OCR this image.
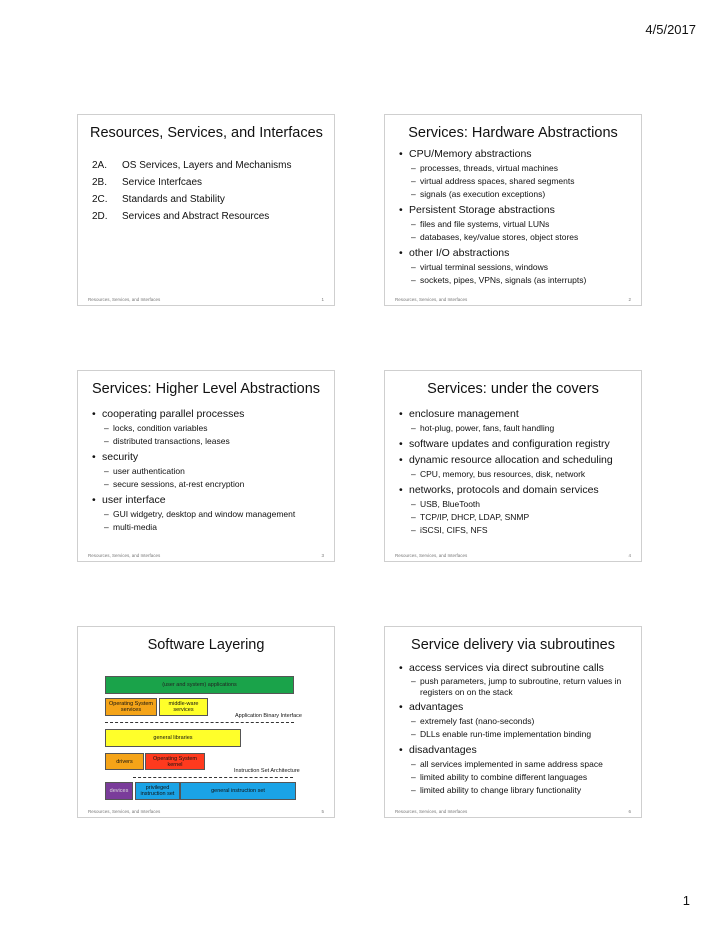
4/5/2017
Resources, Services, and Interfaces
2A.	OS Services, Layers and Mechanisms
2B.	Service Interfcaes
2C.	Standards and Stability
2D.	Services and Abstract Resources
Resources, Services, and Interfaces	1
Services: Hardware Abstractions
• CPU/Memory abstractions
– processes, threads, virtual machines
– virtual address spaces, shared segments
– signals (as execution exceptions)
• Persistent Storage abstractions
– files and file systems, virtual LUNs
– databases, key/value stores, object stores
• other I/O abstractions
– virtual terminal sessions, windows
– sockets, pipes, VPNs, signals (as interrupts)
Resources, Services, and Interfaces	2
Services: Higher Level Abstractions
• cooperating parallel processes
– locks, condition variables
– distributed transactions, leases
• security
– user authentication
– secure sessions, at-rest encryption
• user interface
– GUI widgetry, desktop and window management
– multi-media
Resources, Services, and Interfaces	3
Services: under the covers
• enclosure management
– hot-plug, power, fans, fault handling
• software updates and configuration registry
• dynamic resource allocation and scheduling
– CPU, memory, bus resources, disk, network
• networks, protocols and domain services
– USB, BlueTooth
– TCP/IP, DHCP, LDAP, SNMP
– iSCSI, CIFS, NFS
Resources, Services, and Interfaces	4
Software Layering
(user and system) applications
Operating System services
middle-ware services
Application Binary Interface
general libraries
drivers	Operating System kernel
Instruction Set Architecture
devices	privileged instruction set	general instruction set
Resources, Services, and Interfaces	5
Service delivery via subroutines
• access services via direct subroutine calls
– push parameters, jump to subroutine, return values in registers on on the stack
• advantages
– extremely fast (nano-seconds)
– DLLs enable run-time implementation binding
• disadvantages
– all services implemented in same address space
– limited ability to combine different languages
– limited ability to change library functionality
Resources, Services, and Interfaces	6
1
